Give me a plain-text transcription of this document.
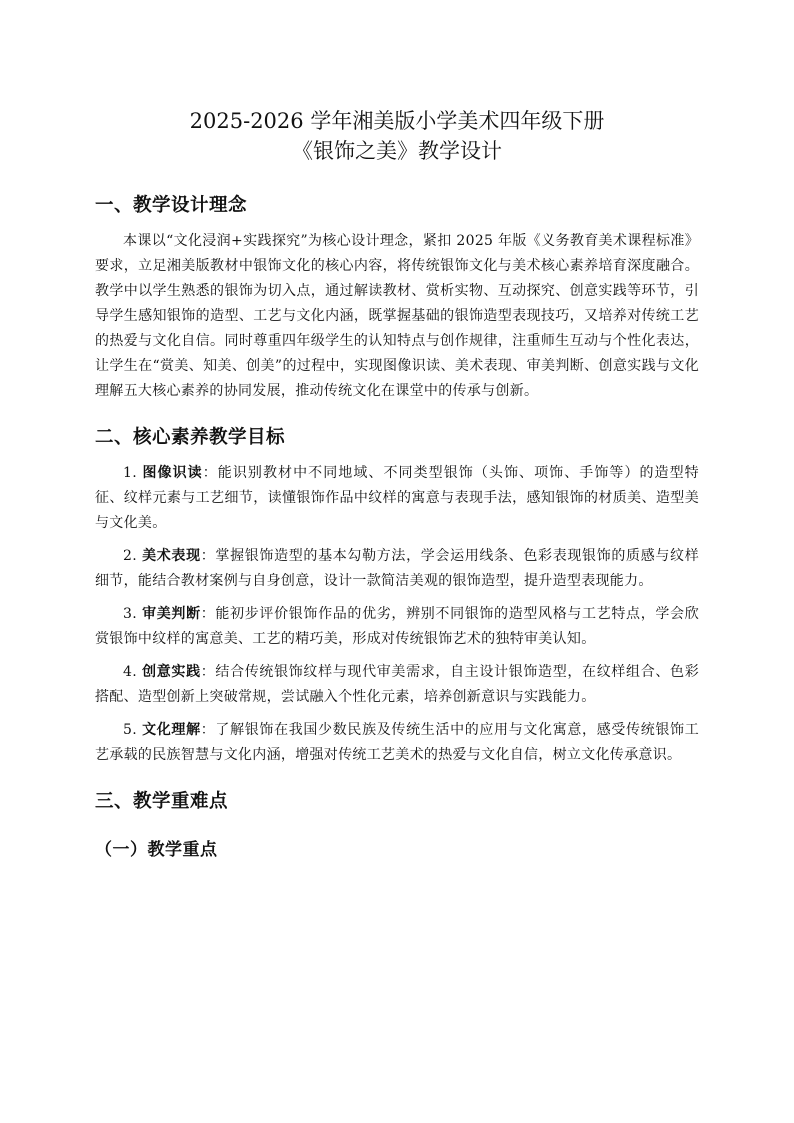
2025-2026 学年湘美版小学美术四年级下册
《银饰之美》教学设计
一、教学设计理念

本课以“文化浸润+实践探究”为核心设计理念，紧扣 2025 年版《义务教育美术课程标准》要求，立足湘美版教材中银饰文化的核心内容，将传统银饰文化与美术核心素养培育深度融合。教学中以学生熟悉的银饰为切入点，通过解读教材、赏析实物、互动探究、创意实践等环节，引导学生感知银饰的造型、工艺与文化内涵，既掌握基础的银饰造型表现技巧，又培养对传统工艺的热爱与文化自信。同时尊重四年级学生的认知特点与创作规律，注重师生互动与个性化表达，让学生在“赏美、知美、创美”的过程中，实现图像识读、美术表现、审美判断、创意实践与文化理解五大核心素养的协同发展，推动传统文化在课堂中的传承与创新。

二、核心素养教学目标

1. 图像识读：能识别教材中不同地域、不同类型银饰（头饰、项饰、手饰等）的造型特征、纹样元素与工艺细节，读懂银饰作品中纹样的寓意与表现手法，感知银饰的材质美、造型美与文化美。

2. 美术表现：掌握银饰造型的基本勾勒方法，学会运用线条、色彩表现银饰的质感与纹样细节，能结合教材案例与自身创意，设计一款简洁美观的银饰造型，提升造型表现能力。

3. 审美判断：能初步评价银饰作品的优劣，辨别不同银饰的造型风格与工艺特点，学会欣赏银饰中纹样的寓意美、工艺的精巧美，形成对传统银饰艺术的独特审美认知。

4. 创意实践：结合传统银饰纹样与现代审美需求，自主设计银饰造型，在纹样组合、色彩搭配、造型创新上突破常规，尝试融入个性化元素，培养创新意识与实践能力。

5. 文化理解：了解银饰在我国少数民族及传统生活中的应用与文化寓意，感受传统银饰工艺承载的民族智慧与文化内涵，增强对传统工艺美术的热爱与文化自信，树立文化传承意识。

三、教学重难点
（一）教学重点
